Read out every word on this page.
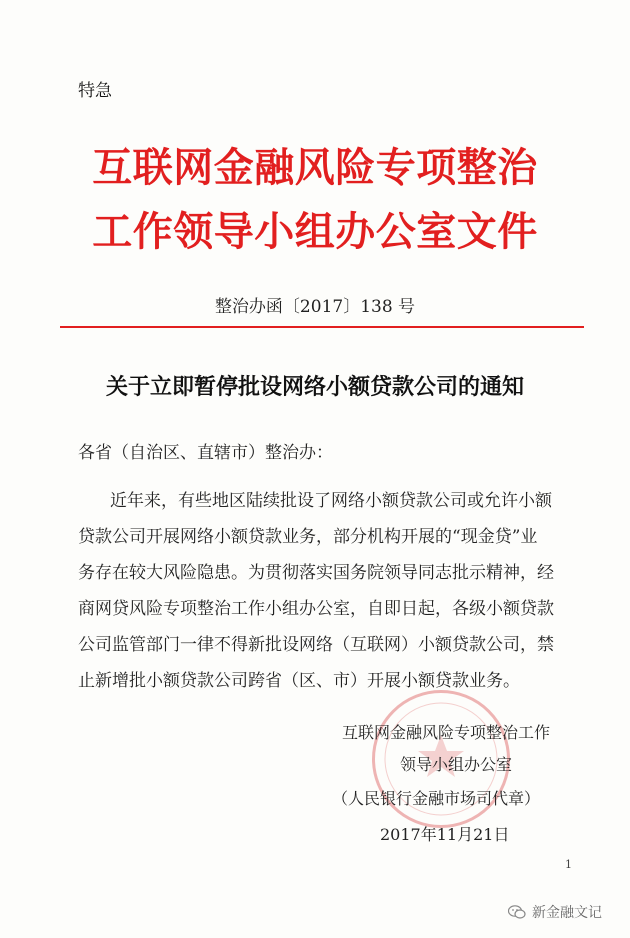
特急
互联网金融风险专项整治
工作领导小组办公室文件
整治办函〔2017〕138 号
关于立即暂停批设网络小额贷款公司的通知
各省（自治区、直辖市）整治办：
近年来，有些地区陆续批设了网络小额贷款公司或允许小额
贷款公司开展网络小额贷款业务，部分机构开展的“现金贷”业
务存在较大风险隐患。为贯彻落实国务院领导同志批示精神，经
商网贷风险专项整治工作小组办公室，自即日起，各级小额贷款
公司监管部门一律不得新批设网络（互联网）小额贷款公司，禁
止新增批小额贷款公司跨省（区、市）开展小额贷款业务。
互联网金融风险专项整治工作
领导小组办公室
（人民银行金融市场司代章）
2017年11月21日
1
新金融文记
